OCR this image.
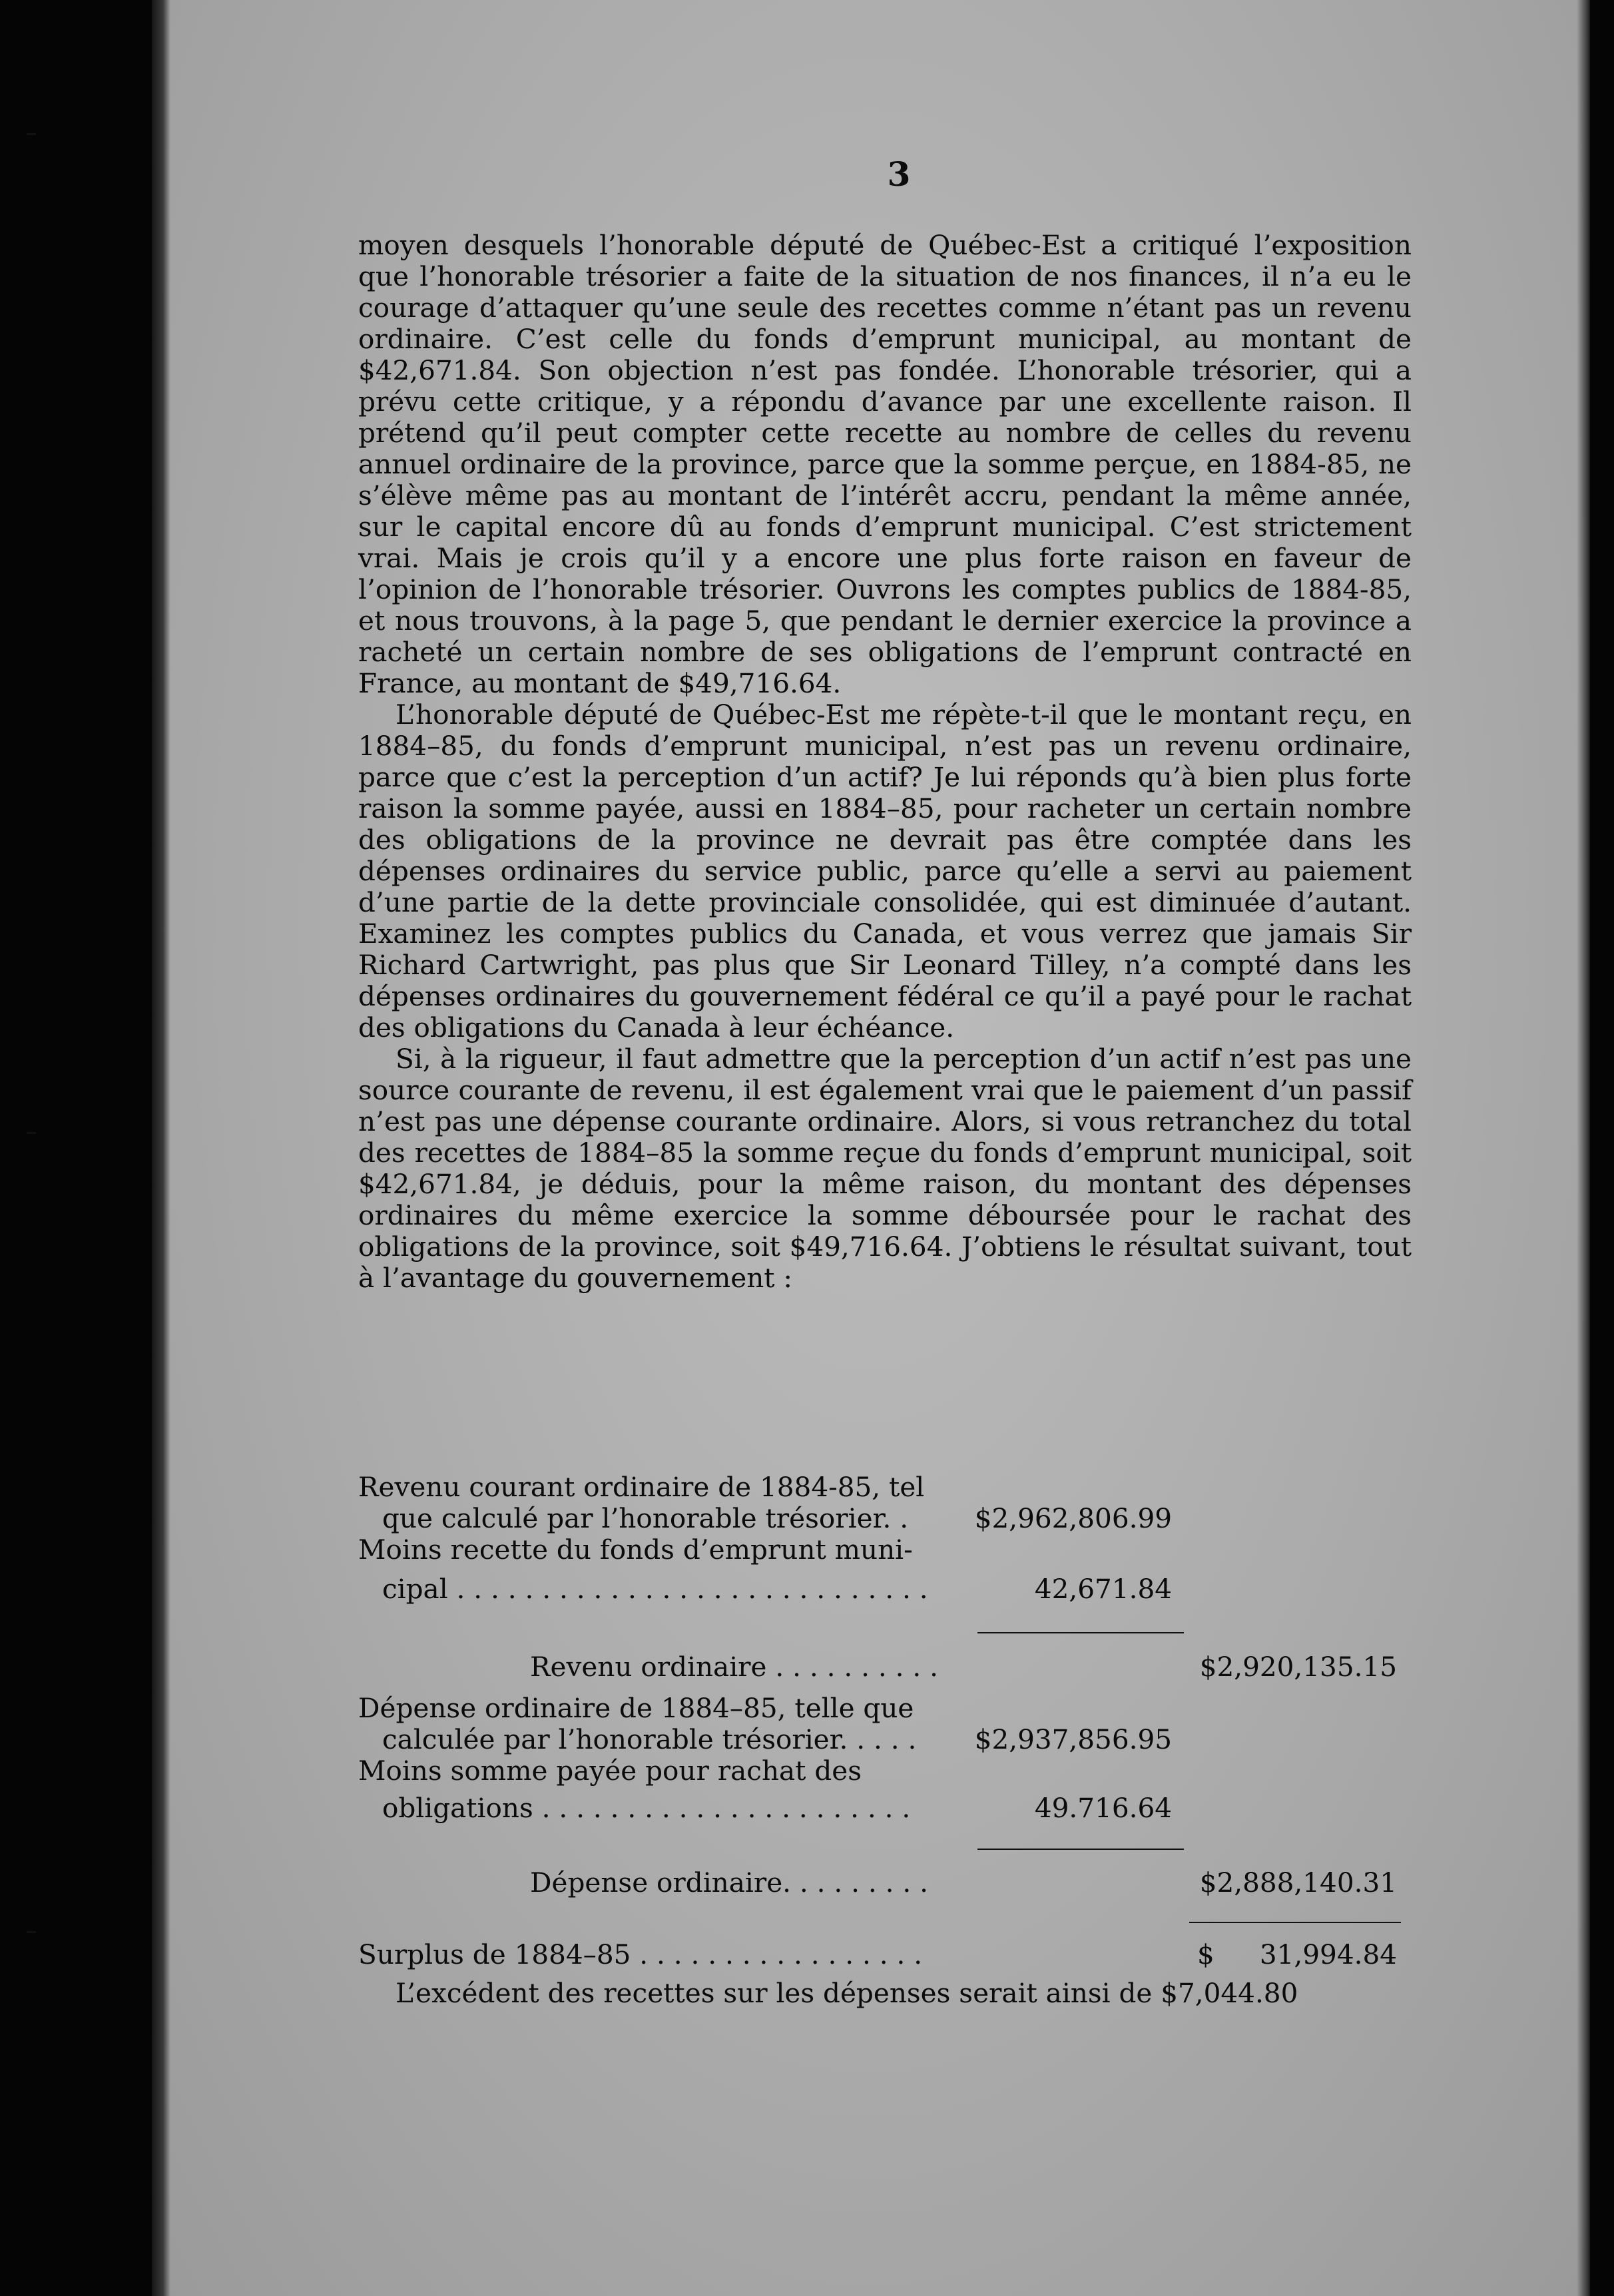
3

moyen desquels l’honorable député de Québec-Est a critiqué l’exposition que l’honorable trésorier a faite de la situation de nos finances, il n’a eu le courage d’attaquer qu’une seule des recettes comme n’étant pas un revenu ordinaire. C’est celle du fonds d’emprunt municipal, au montant de $42,671.84. Son objection n’est pas fondée. L’honorable trésorier, qui a prévu cette critique, y a répondu d’avance par une excellente raison. Il prétend qu’il peut compter cette recette au nombre de celles du revenu annuel ordinaire de la province, parce que la somme perçue, en 1884-85, ne s’élève même pas au montant de l’intérêt accru, pendant la même année, sur le capital encore dû au fonds d’emprunt municipal. C’est strictement vrai. Mais je crois qu’il y a encore une plus forte raison en faveur de l’opinion de l’honorable trésorier. Ouvrons les comptes publics de 1884-85, et nous trouvons, à la page 5, que pendant le dernier exercice la province a racheté un certain nombre de ses obligations de l’emprunt contracté en France, au montant de $49,716.64.

L’honorable député de Québec-Est me répète-t-il que le montant reçu, en 1884–85, du fonds d’emprunt municipal, n’est pas un revenu ordinaire, parce que c’est la perception d’un actif? Je lui réponds qu’à bien plus forte raison la somme payée, aussi en 1884–85, pour racheter un certain nombre des obligations de la province ne devrait pas être comptée dans les dépenses ordinaires du service public, parce qu’elle a servi au paiement d’une partie de la dette provinciale consolidée, qui est diminuée d’autant. Examinez les comptes publics du Canada, et vous verrez que jamais Sir Richard Cartwright, pas plus que Sir Leonard Tilley, n’a compté dans les dépenses ordinaires du gouvernement fédéral ce qu’il a payé pour le rachat des obligations du Canada à leur échéance.

Si, à la rigueur, il faut admettre que la perception d’un actif n’est pas une source courante de revenu, il est également vrai que le paiement d’un passif n’est pas une dépense courante ordinaire. Alors, si vous retranchez du total des recettes de 1884–85 la somme reçue du fonds d’emprunt municipal, soit $42,671.84, je déduis, pour la même raison, du montant des dépenses ordinaires du même exercice la somme déboursée pour le rachat des obligations de la province, soit $49,716.64. J’obtiens le résultat suivant, tout à l’avantage du gouvernement :

Revenu courant ordinaire de 1884-85, tel
que calculé par l’honorable trésorier. . $2,962,806.99
Moins recette du fonds d’emprunt muni-
cipal . . . . . . . . . . . . . . . . . . . . . . . . . . . .	42,671.84
Revenu ordinaire . . . . . . . . . .	$2,920,135.15
Dépense ordinaire de 1884–85, telle que
calculée par l’honorable trésorier. . . . . $2,937,856.95
Moins somme payée pour rachat des
obligations . . . . . . . . . . . . . . . . . . . . . .	49.716.64
Dépense ordinaire. . . . . . . . .	$2,888,140.31
Surplus de 1884–85 . . . . . . . . . . . . . . . . .	$ 31,994.84
L’excédent des recettes sur les dépenses serait ainsi de $7,044.80
